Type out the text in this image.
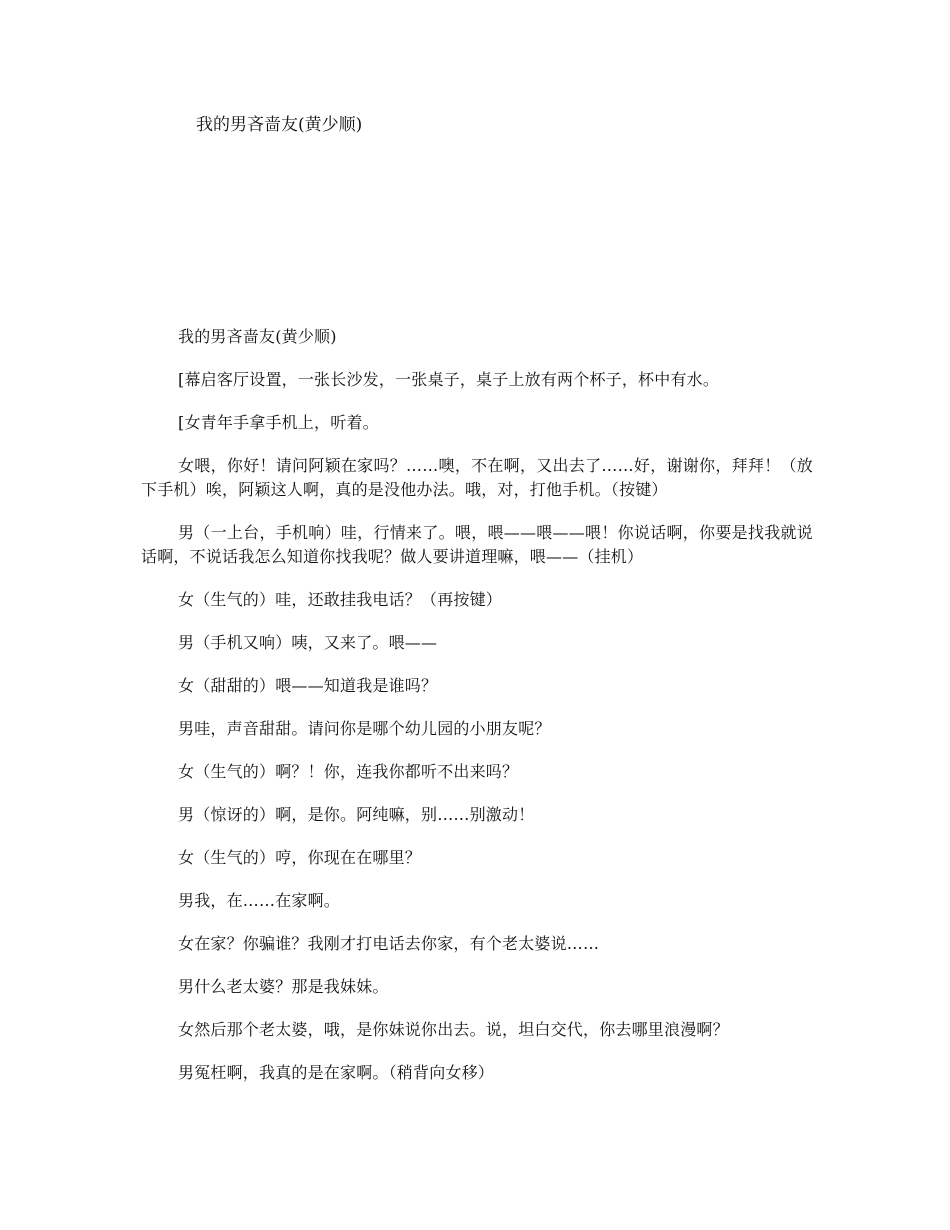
我的男吝啬友(黄少顺)

我的男吝啬友(黄少顺)

[幕启客厅设置，一张长沙发，一张桌子，桌子上放有两个杯子，杯中有水。

[女青年手拿手机上，听着。

女喂，你好！请问阿颖在家吗？……噢，不在啊，又出去了……好，谢谢你，拜拜！（放下手机）唉，阿颖这人啊，真的是没他办法。哦，对，打他手机。（按键）

男（一上台，手机响）哇，行情来了。喂，喂——喂——喂！你说话啊，你要是找我就说话啊，不说话我怎么知道你找我呢？做人要讲道理嘛，喂——（挂机）

女（生气的）哇，还敢挂我电话？（再按键）

男（手机又响）咦，又来了。喂——

女（甜甜的）喂——知道我是谁吗？

男哇，声音甜甜。请问你是哪个幼儿园的小朋友呢？

女（生气的）啊？！你，连我你都听不出来吗？

男（惊讶的）啊，是你。阿纯嘛，别……别激动！

女（生气的）哼，你现在在哪里？

男我，在……在家啊。

女在家？你骗谁？我刚才打电话去你家，有个老太婆说……

男什么老太婆？那是我妹妹。

女然后那个老太婆，哦，是你妹说你出去。说，坦白交代，你去哪里浪漫啊？

男冤枉啊，我真的是在家啊。（稍背向女移）
